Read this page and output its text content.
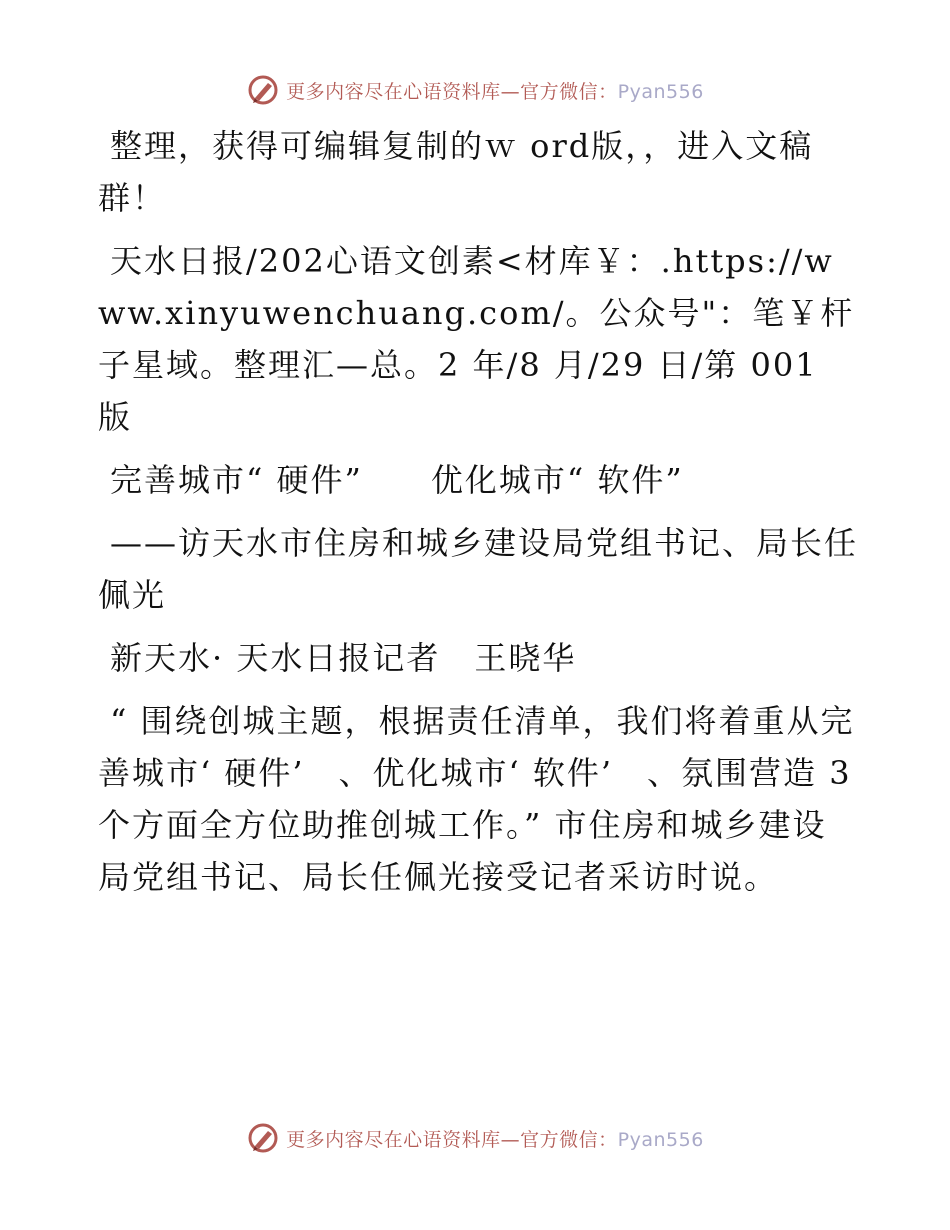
更多内容尽在心语资料库—官方微信：Pyan556

整理，获得可编辑复制的ｗ ord版，，进入文稿群！

天水日报/202心语文创素<材库￥：.https://www.xinyuwenchuang.com/。公众号"：笔￥杆子星域。整理汇—总。2 年/8 月/29 日/第 001 版

完善城市“ 硬件”　　优化城市“ 软件”

——访天水市住房和城乡建设局党组书记、局长任佩光

新天水· 天水日报记者　王晓华

“ 围绕创城主题，根据责任清单，我们将着重从完善城市‘ 硬件’　、优化城市‘ 软件’　、氛围营造 3 个方面全方位助推创城工作。” 市住房和城乡建设局党组书记、局长任佩光接受记者采访时说。

更多内容尽在心语资料库—官方微信：Pyan556
